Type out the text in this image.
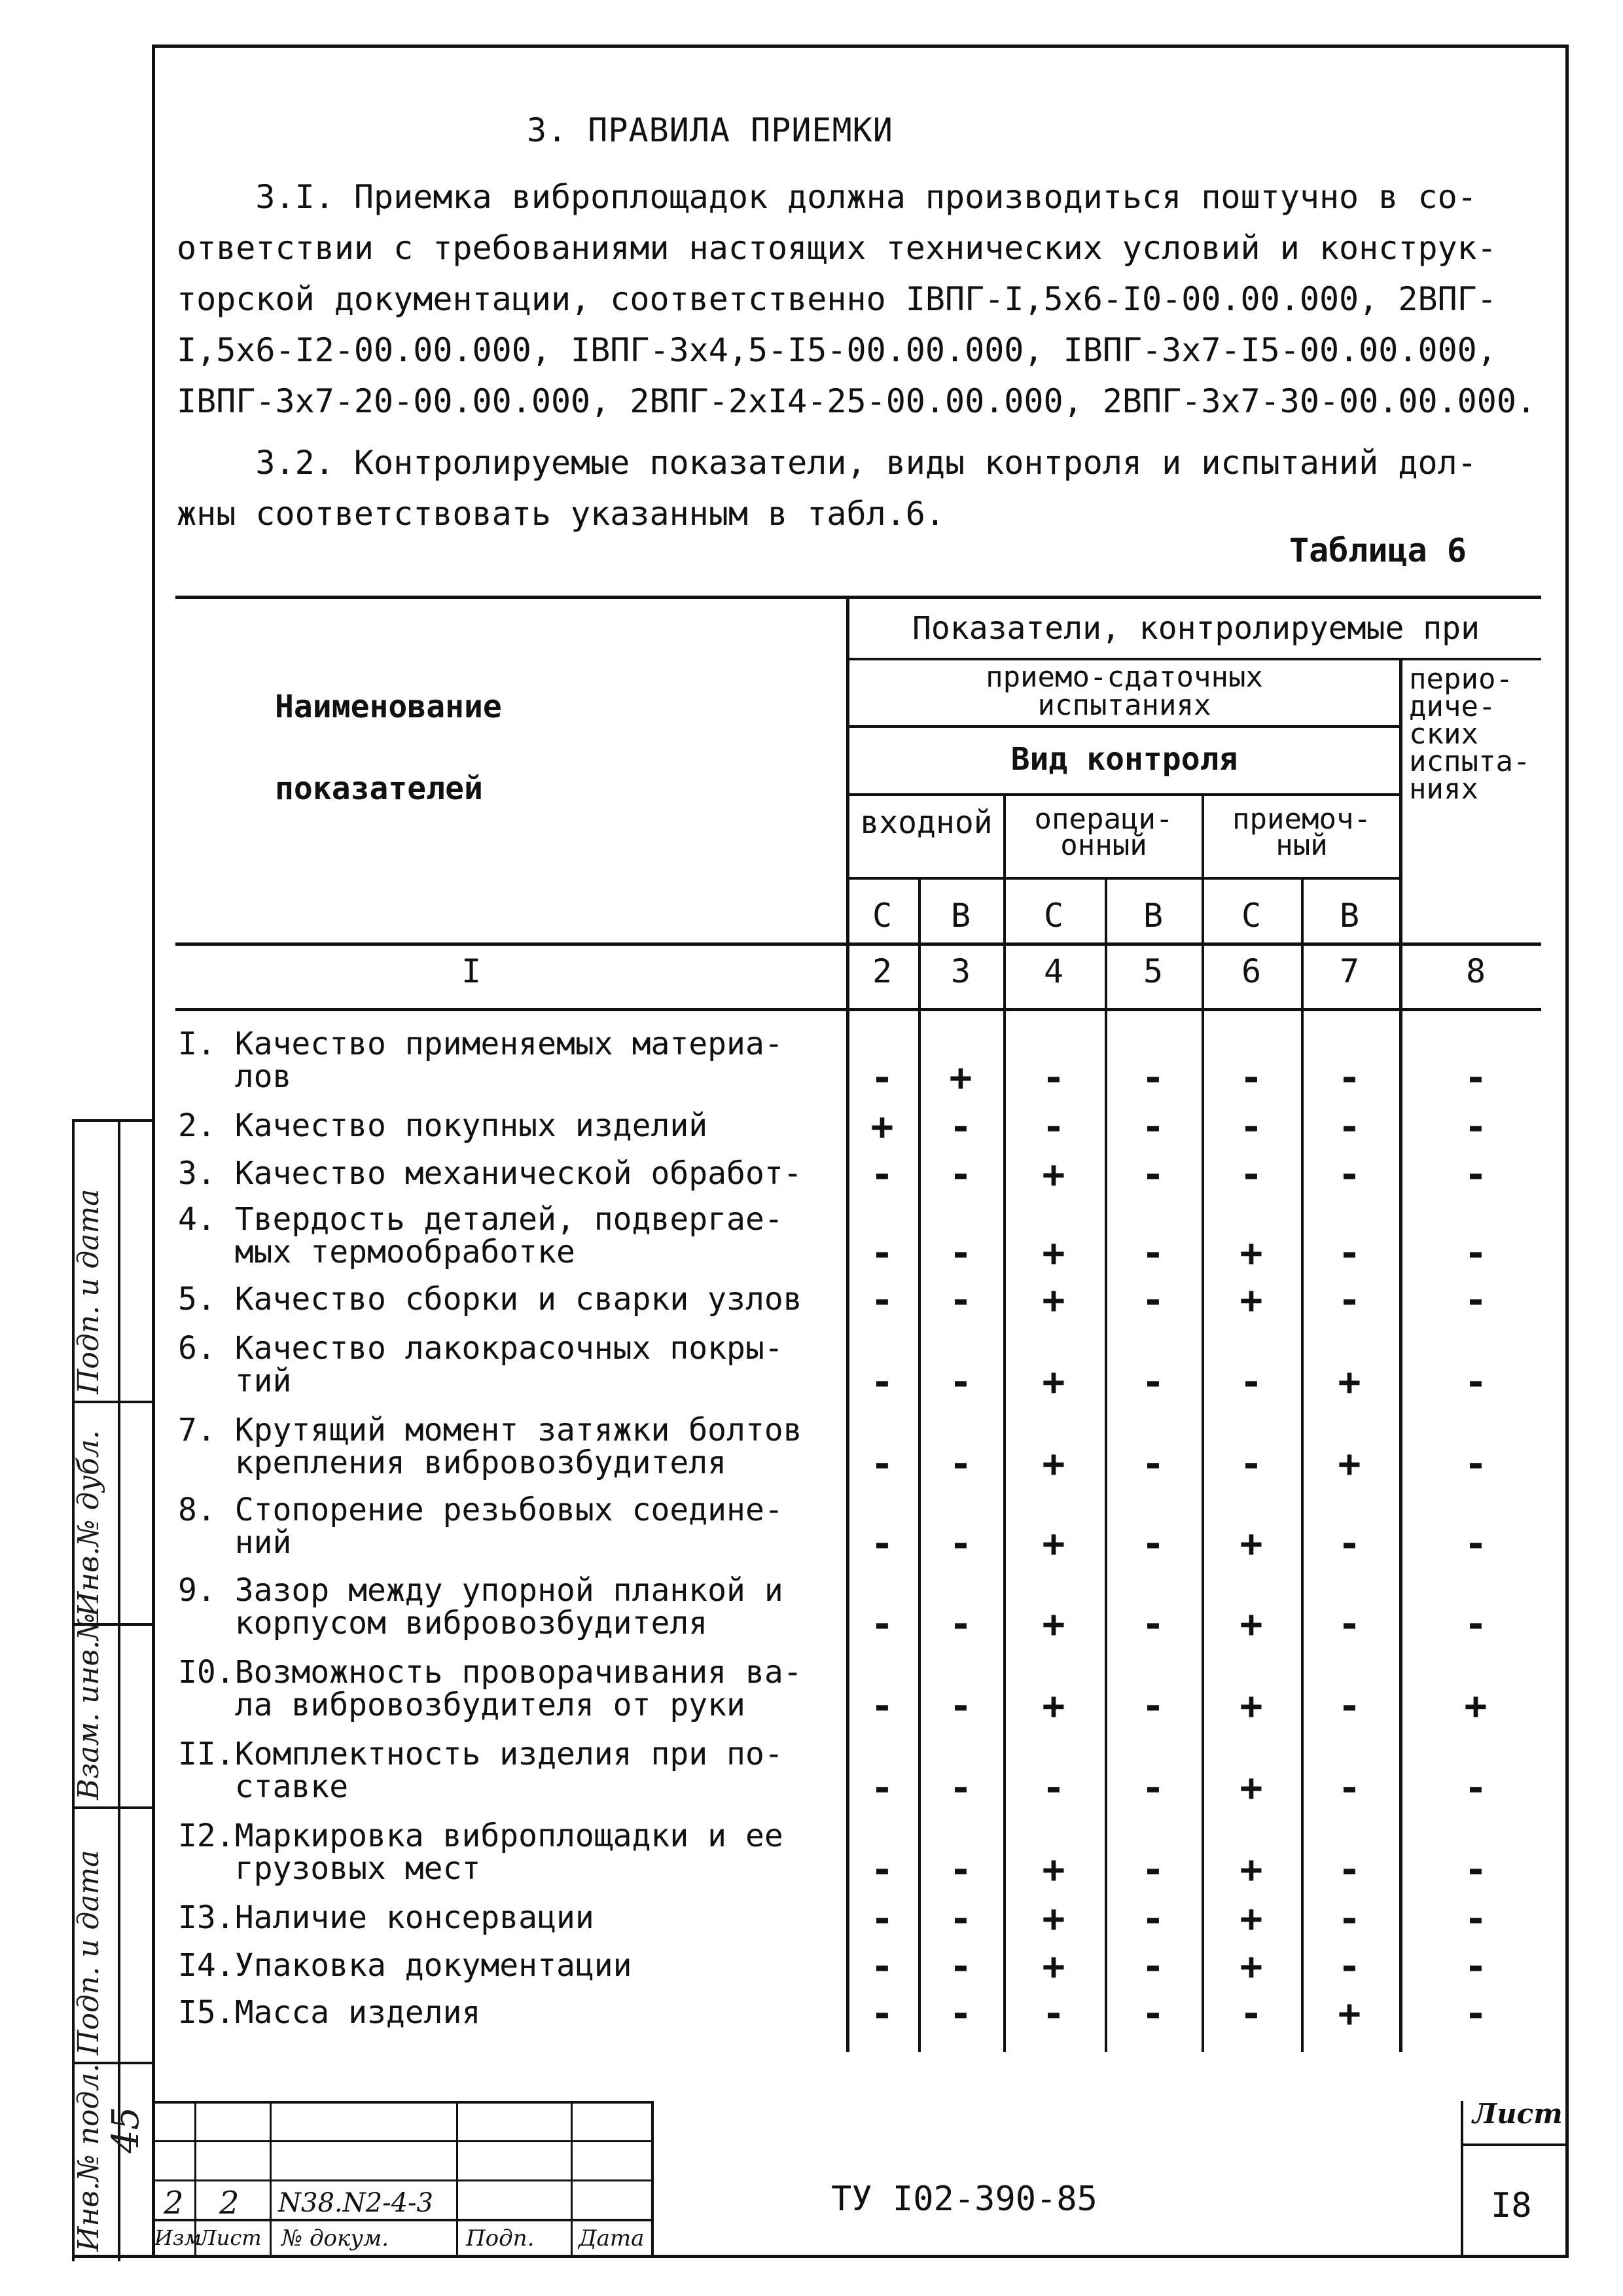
3. ПРАВИЛА ПРИЕМКИ
3.I. Приемка виброплощадок должна производиться поштучно в со-
ответствии с требованиями настоящих технических условий и конструк-
торской документации, соответственно IВПГ-I,5х6-I0-00.00.000, 2ВПГ-
I,5х6-I2-00.00.000, IВПГ-3х4,5-I5-00.00.000, IВПГ-3х7-I5-00.00.000,
IВПГ-3х7-20-00.00.000, 2ВПГ-2хI4-25-00.00.000, 2ВПГ-3х7-30-00.00.000.
3.2. Контролируемые показатели, виды контроля и испытаний дол-
жны соответствовать указанным в табл.6.
Таблица 6
Наименование
показателей
Показатели, контролируемые при
приемо-сдаточных
испытаниях
перио-
диче-
ских
испыта-
ниях
Вид контроля
входной	операци-
онный
приемоч-
ный
С	В	С	В	С	В
I	2	3	4	5	6	7	8
I. Качество применяемых материа-
лов	-	+	-	-	-	-	-
2. Качество покупных изделий	+	-	-	-	-	-	-
3. Качество механической обработ-	-	-	+	-	-	-	-
4. Твердость деталей, подвергае-
мых термообработке	-	-	+	-	+	-	-
5. Качество сборки и сварки узлов	-	-	+	-	+	-	-
6. Качество лакокрасочных покры-
тий	-	-	+	-	-	+	-
7. Крутящий момент затяжки болтов
крепления вибровозбудителя	-	-	+	-	-	+	-
8. Стопорение резьбовых соедине-
ний	-	-	+	-	+	-	-
9. Зазор между упорной планкой и
корпусом вибровозбудителя	-	-	+	-	+	-	-
I0.Возможность проворачивания ва-
ла вибровозбудителя от руки	-	-	+	-	+	-	+
II.Комплектность изделия при по-
ставке	-	-	-	-	+	-	-
I2.Маркировка виброплощадки и ее
грузовых мест	-	-	+	-	+	-	-
I3.Наличие консервации	-	-	+	-	+	-	-
I4.Упаковка документации	-	-	+	-	+	-	-
I5.Масса изделия	-	-	-	-	-	+	-
Подп. и дата
Инв.№ дубл.
Взам. инв.№
Подп. и дата
Инв.№ подл. 45
2 2 N38.N2-4-3
Изм
Лист № докум.	Подп. Дата
ТУ I02-390-85
Лист
I8
